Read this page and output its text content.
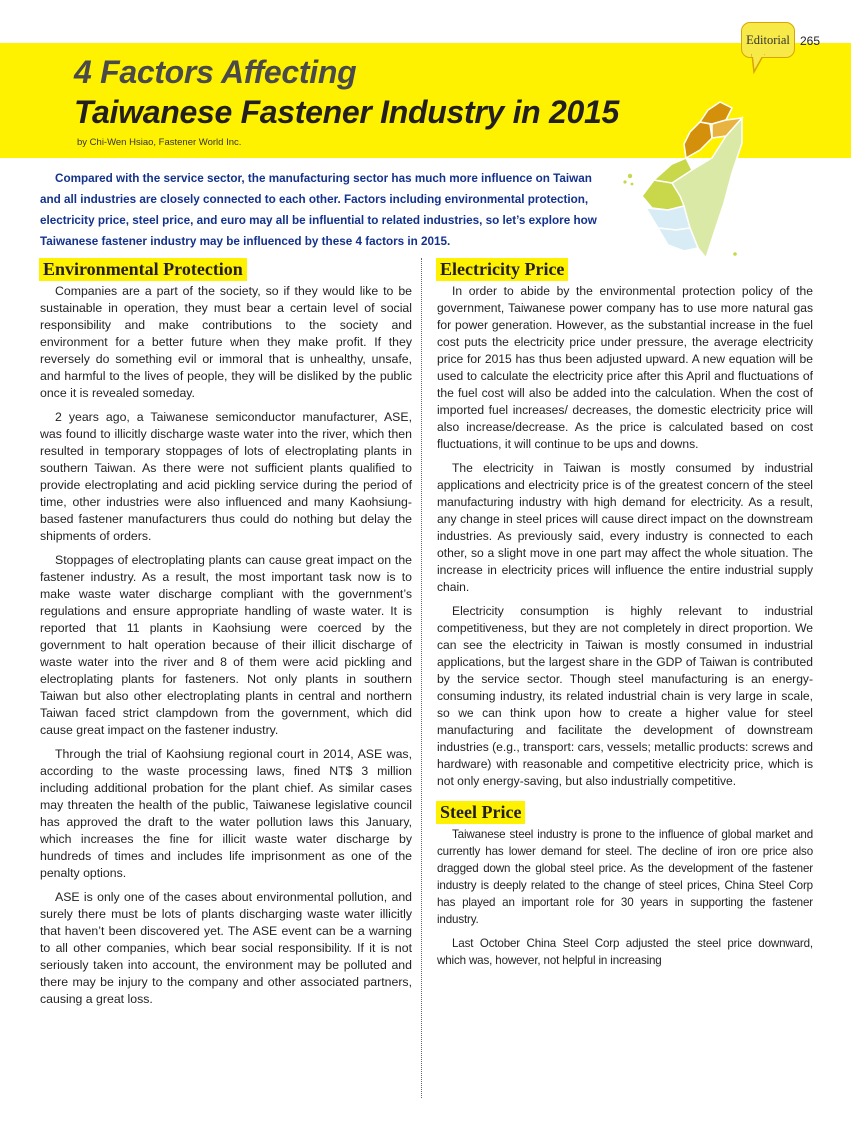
Editorial 265
4 Factors Affecting
Taiwanese Fastener Industry in 2015
by Chi-Wen Hsiao, Fastener World Inc.

Compared with the service sector, the manufacturing sector has much more influence on Taiwan and all industries are closely connected to each other. Factors including environmental protection, electricity price, steel price, and euro may all be influential to related industries, so let’s explore how Taiwanese fastener industry may be influenced by these 4 factors in 2015.

Environmental Protection

Companies are a part of the society, so if they would like to be sustainable in operation, they must bear a certain level of social responsibility and make contributions to the society and environment for a better future when they make profit. If they reversely do something evil or immoral that is unhealthy, unsafe, and harmful to the lives of people, they will be disliked by the public once it is revealed someday.

2 years ago, a Taiwanese semiconductor manufacturer, ASE, was found to illicitly discharge waste water into the river, which then resulted in temporary stoppages of lots of electroplating plants in southern Taiwan. As there were not sufficient plants qualified to provide electroplating and acid pickling service during the period of time, other industries were also influenced and many Kaohsiung-based fastener manufacturers thus could do nothing but delay the shipments of orders.

Stoppages of electroplating plants can cause great impact on the fastener industry. As a result, the most important task now is to make waste water discharge compliant with the government’s regulations and ensure appropriate handling of waste water. It is reported that 11 plants in Kaohsiung were coerced by the government to halt operation because of their illicit discharge of waste water into the river and 8 of them were acid pickling and electroplating plants for fasteners. Not only plants in southern Taiwan but also other electroplating plants in central and northern Taiwan faced strict clampdown from the government, which did cause great impact on the fastener industry.

Through the trial of Kaohsiung regional court in 2014, ASE was, according to the waste processing laws, fined NT$ 3 million including additional probation for the plant chief. As similar cases may threaten the health of the public, Taiwanese legislative council has approved the draft to the water pollution laws this January, which increases the fine for illicit waste water discharge by hundreds of times and includes life imprisonment as one of the penalty options.

ASE is only one of the cases about environmental pollution, and surely there must be lots of plants discharging waste water illicitly that haven’t been discovered yet. The ASE event can be a warning to all other companies, which bear social responsibility. If it is not seriously taken into account, the environment may be polluted and there may be injury to the company and other associated partners, causing a great loss.

Electricity Price

In order to abide by the environmental protection policy of the government, Taiwanese power company has to use more natural gas for power generation. However, as the substantial increase in the fuel cost puts the electricity price under pressure, the average electricity price for 2015 has thus been adjusted upward. A new equation will be used to calculate the electricity price after this April and fluctuations of the fuel cost will also be added into the calculation. When the cost of imported fuel increases/ decreases, the domestic electricity price will also increase/decrease. As the price is calculated based on cost fluctuations, it will continue to be ups and downs.

The electricity in Taiwan is mostly consumed by industrial applications and electricity price is of the greatest concern of the steel manufacturing industry with high demand for electricity. As a result, any change in steel prices will cause direct impact on the downstream industries. As previously said, every industry is connected to each other, so a slight move in one part may affect the whole situation. The increase in electricity prices will influence the entire industrial supply chain.

Electricity consumption is highly relevant to industrial competitiveness, but they are not completely in direct proportion. We can see the electricity in Taiwan is mostly consumed in industrial applications, but the largest share in the GDP of Taiwan is contributed by the service sector. Though steel manufacturing is an energy-consuming industry, its related industrial chain is very large in scale, so we can think upon how to create a higher value for steel manufacturing and facilitate the development of downstream industries (e.g., transport: cars, vessels; metallic products: screws and hardware) with reasonable and competitive electricity price, which is not only energy-saving, but also industrially competitive.

Steel Price

Taiwanese steel industry is prone to the influence of global market and currently has lower demand for steel. The decline of iron ore price also dragged down the global steel price. As the development of the fastener industry is deeply related to the change of steel prices, China Steel Corp has played an important role for 30 years in supporting the fastener industry.

Last October China Steel Corp adjusted the steel price downward, which was, however, not helpful in increasing
